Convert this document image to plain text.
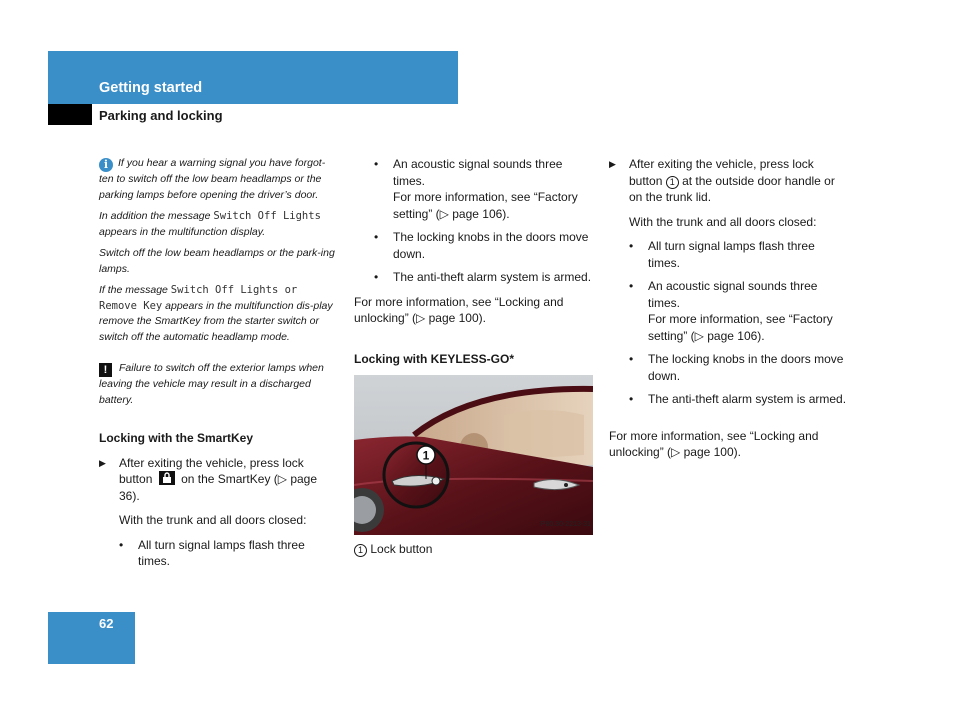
Getting started
Parking and locking

i If you hear a warning signal you have forgot-ten to switch off the low beam headlamps or the parking lamps before opening the driver’s door.

In addition the message Switch Off Lights appears in the multifunction display.

Switch off the low beam headlamps or the park-ing lamps.

If the message Switch Off Lights or Remove Key appears in the multifunction dis-play remove the SmartKey from the starter switch or switch off the automatic headlamp mode.

! Failure to switch off the exterior lamps when leaving the vehicle may result in a discharged battery.

Locking with the SmartKey

▶ After exiting the vehicle, press lock button on the SmartKey (▷ page 36).

With the trunk and all doors closed:

• All turn signal lamps flash three times.
• An acoustic signal sounds three times.
For more information, see “Factory setting” (▷ page 106).
• The locking knobs in the doors move down.
• The anti-theft alarm system is armed.

For more information, see “Locking and unlocking” (▷ page 100).

Locking with KEYLESS-GO*

1
P80.30-2213-31
1 Lock button

▶ After exiting the vehicle, press lock button 1 at the outside door handle or on the trunk lid.

With the trunk and all doors closed:

• All turn signal lamps flash three times.
• An acoustic signal sounds three times.
For more information, see “Factory setting” (▷ page 106).
• The locking knobs in the doors move down.
• The anti-theft alarm system is armed.

For more information, see “Locking and unlocking” (▷ page 100).

62
